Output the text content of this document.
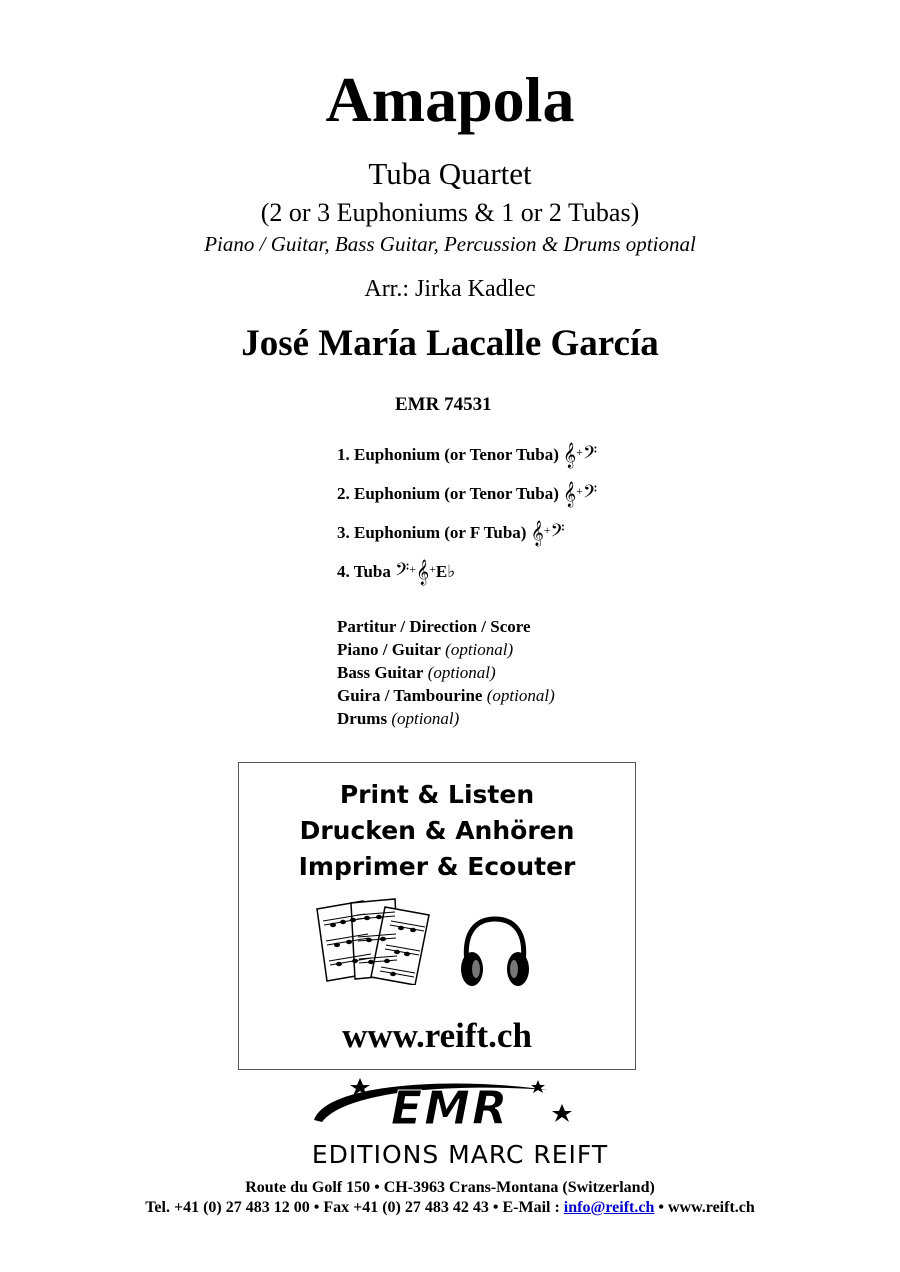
Amapola
Tuba Quartet
(2 or 3 Euphoniums & 1 or 2 Tubas)
Piano / Guitar, Bass Guitar, Percussion & Drums optional
Arr.: Jirka Kadlec
José María Lacalle García
EMR 74531
1. Euphonium (or Tenor Tuba) 𝄞+𝄢
2. Euphonium (or Tenor Tuba) 𝄞+𝄢
3. Euphonium (or F Tuba) 𝄞+𝄢
4. Tuba 𝄢+𝄞+E♭
Partitur / Direction / Score
Piano / Guitar (optional)
Bass Guitar (optional)
Guira / Tambourine (optional)
Drums (optional)
Print & Listen
Drucken & Anhören
Imprimer & Ecouter
www.reift.ch
EMR
EDITIONS MARC REIFT
Route du Golf 150 • CH-3963 Crans-Montana (Switzerland)
Tel. +41 (0) 27 483 12 00 • Fax +41 (0) 27 483 42 43 • E-Mail : info@reift.ch • www.reift.ch
